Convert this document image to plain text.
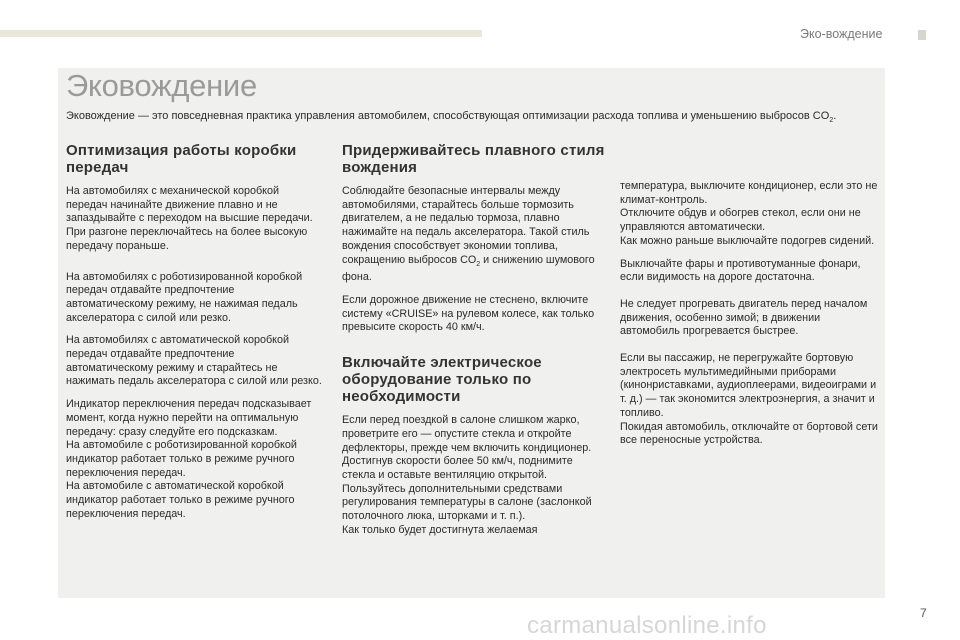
Эко-вождение
Эковождение

Эковождение — это повседневная практика управления автомобилем, способствующая оптимизации расхода топлива и уменьшению выбросов $CO_2$.

Оптимизация работы коробки передач

На автомобилях с механической коробкой передач начинайте движение плавно и не запаздывайте с переходом на высшие передачи. При разгоне переключайтесь на более высокую передачу пораньше.

На автомобилях с роботизированной коробкой передач отдавайте предпочтение автоматическому режиму, не нажимая педаль акселератора с силой или резко.

На автомобилях с автоматической коробкой передач отдавайте предпочтение автоматическому режиму и старайтесь не нажимать педаль акселератора с силой или резко.

Индикатор переключения передач подсказывает момент, когда нужно перейти на оптимальную передачу: сразу следуйте его подсказкам.
На автомобиле с роботизированной коробкой индикатор работает только в режиме ручного переключения передач.
На автомобиле с автоматической коробкой индикатор работает только в режиме ручного переключения передач.

Придерживайтесь плавного стиля вождения

Соблюдайте безопасные интервалы между автомобилями, старайтесь больше тормозить двигателем, а не педалью тормоза, плавно нажимайте на педаль акселератора. Такой стиль вождения способствует экономии топлива, сокращению выбросов $CO_2$ и снижению шумового фона.

Если дорожное движение не стеснено, включите систему «CRUISE» на рулевом колесе, как только превысите скорость 40 км/ч.

Включайте электрическое оборудование только по необходимости

Если перед поездкой в салоне слишком жарко, проветрите его — опустите стекла и откройте дефлекторы, прежде чем включить кондиционер.
Достигнув скорости более 50 км/ч, поднимите стекла и оставьте вентиляцию открытой.
Пользуйтесь дополнительными средствами регулирования температуры в салоне (заслонкой потолочного люка, шторками и т. п.).
Как только будет достигнута желаемая

температура, выключите кондиционер, если это не климат-контроль.
Отключите обдув и обогрев стекол, если они не управляются автоматически.
Как можно раньше выключайте подогрев сидений.

Выключайте фары и противотуманные фонари, если видимость на дороге достаточна.

Не следует прогревать двигатель перед началом движения, особенно зимой; в движении автомобиль прогревается быстрее.

Если вы пассажир, не перегружайте бортовую электросеть мультимедийными приборами (кинонриставками, аудиоплеерами, видеоиграми и т. д.) — так экономится электроэнергия, а значит и топливо.
Покидая автомобиль, отключайте от бортовой сети все переносные устройства.

7
carmanualsonline.info
